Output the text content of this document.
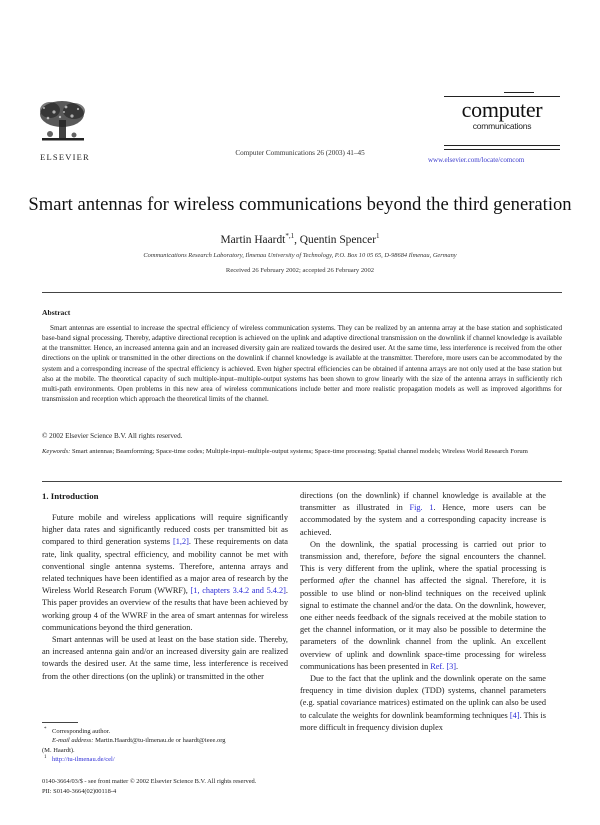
ELSEVIER	Computer Communications 26 (2003) 41–45
computer
communications
www.elsevier.com/locate/comcom
Smart antennas for wireless communications beyond the third generation
Martin Haardt$^{*,1}$, Quentin Spencer$^1$
Communications Research Laboratory, Ilmenau University of Technology, P.O. Box 10 05 65, D-98684 Ilmenau, Germany
Received 26 February 2002; accepted 26 February 2002
Abstract
Smart antennas are essential to increase the spectral efficiency of wireless communication systems. They can be realized by an antenna array at the base station and sophisticated base-band signal processing. Thereby, adaptive directional reception is achieved on the uplink and adaptive directional transmission on the downlink if channel knowledge is available at the transmitter. Hence, an increased antenna gain and an increased diversity gain are realized towards the desired user. At the same time, less interference is received from the other directions on the uplink or transmitted in the other directions on the downlink if channel knowledge is available at the transmitter. Therefore, more users can be accommodated by the system and a corresponding increase of the spectral efficiency is achieved. Even higher spectral efficiencies can be obtained if antenna arrays are not only used at the base station but also at the mobile. The theoretical capacity of such multiple-input–multiple-output systems has been shown to grow linearly with the size of the antenna arrays in sufficiently rich multi-path environments. Open problems in this new area of wireless communications include better and more realistic propagation models as well as improved algorithms for transmission and reception which approach the theoretical limits of the channel.
© 2002 Elsevier Science B.V. All rights reserved.
Keywords: Smart antennas; Beamforming; Space-time codes; Multiple-input–multiple-output systems; Space-time processing; Spatial channel models; Wireless World Research Forum
1. Introduction

Future mobile and wireless applications will require significantly higher data rates and significantly reduced costs per transmitted bit as compared to third generation systems [1,2]. These requirements on data rate, link quality, spectral efficiency, and mobility cannot be met with conventional single antenna systems. Therefore, antenna arrays and related techniques have been identified as a major area of research by the Wireless World Research Forum (WWRF), [1, chapters 3.4.2 and 5.4.2]. This paper provides an overview of the results that have been achieved by working group 4 of the WWRF in the area of smart antennas for wireless communications beyond the third generation.

Smart antennas will be used at least on the base station side. Thereby, an increased antenna gain and/or an increased diversity gain are realized towards the desired user. At the same time, less interference is received from the other directions (on the uplink) or transmitted in the other

directions (on the downlink) if channel knowledge is available at the transmitter as illustrated in Fig. 1. Hence, more users can be accommodated by the system and a corresponding capacity increase is achieved.

On the downlink, the spatial processing is carried out prior to transmission and, therefore, before the signal encounters the channel. This is very different from the uplink, where the spatial processing is performed after the channel has affected the signal. Therefore, it is possible to use blind or non-blind techniques on the received uplink signal to estimate the channel and/or the data. On the downlink, however, one either needs feedback of the signals received at the mobile station to get the channel information, or it may also be possible to determine the parameters of the downlink channel from the uplink. An excellent overview of uplink and downlink space-time processing for wireless communications has been presented in Ref. [3].

Due to the fact that the uplink and the downlink operate on the same frequency in time division duplex (TDD) systems, channel parameters (e.g. spatial covariance matrices) estimated on the uplink can also be used to calculate the weights for downlink beamforming techniques [4]. This is more difficult in frequency division duplex

* Corresponding author.
E-mail address: Martin.Haardt@tu-ilmenau.de or haardt@ieee.org
(M. Haardt).
1 http://tu-ilmenau.de/cel/
0140-3664/03/$ - see front matter © 2002 Elsevier Science B.V. All rights reserved.
PII: S0140-3664(02)00118-4
